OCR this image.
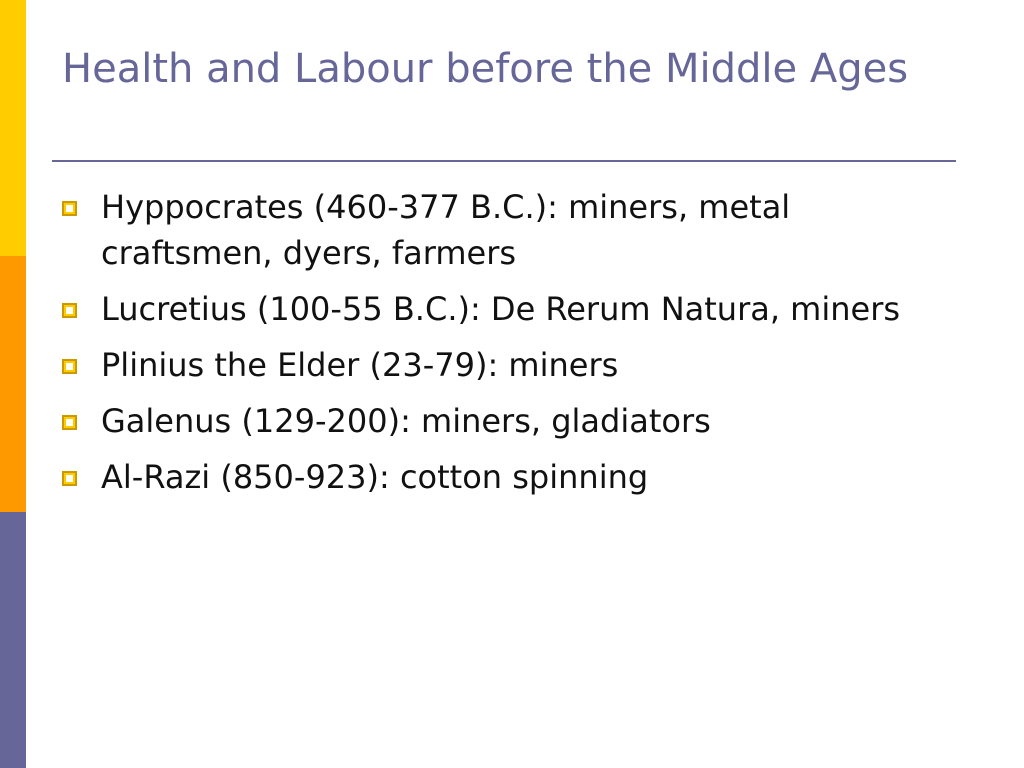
Health and Labour before the Middle Ages
Hyppocrates (460-377 B.C.): miners, metal craftsmen, dyers, farmers
Lucretius (100-55 B.C.): De Rerum Natura, miners
Plinius the Elder (23-79): miners
Galenus (129-200): miners, gladiators
Al-Razi (850-923): cotton spinning
